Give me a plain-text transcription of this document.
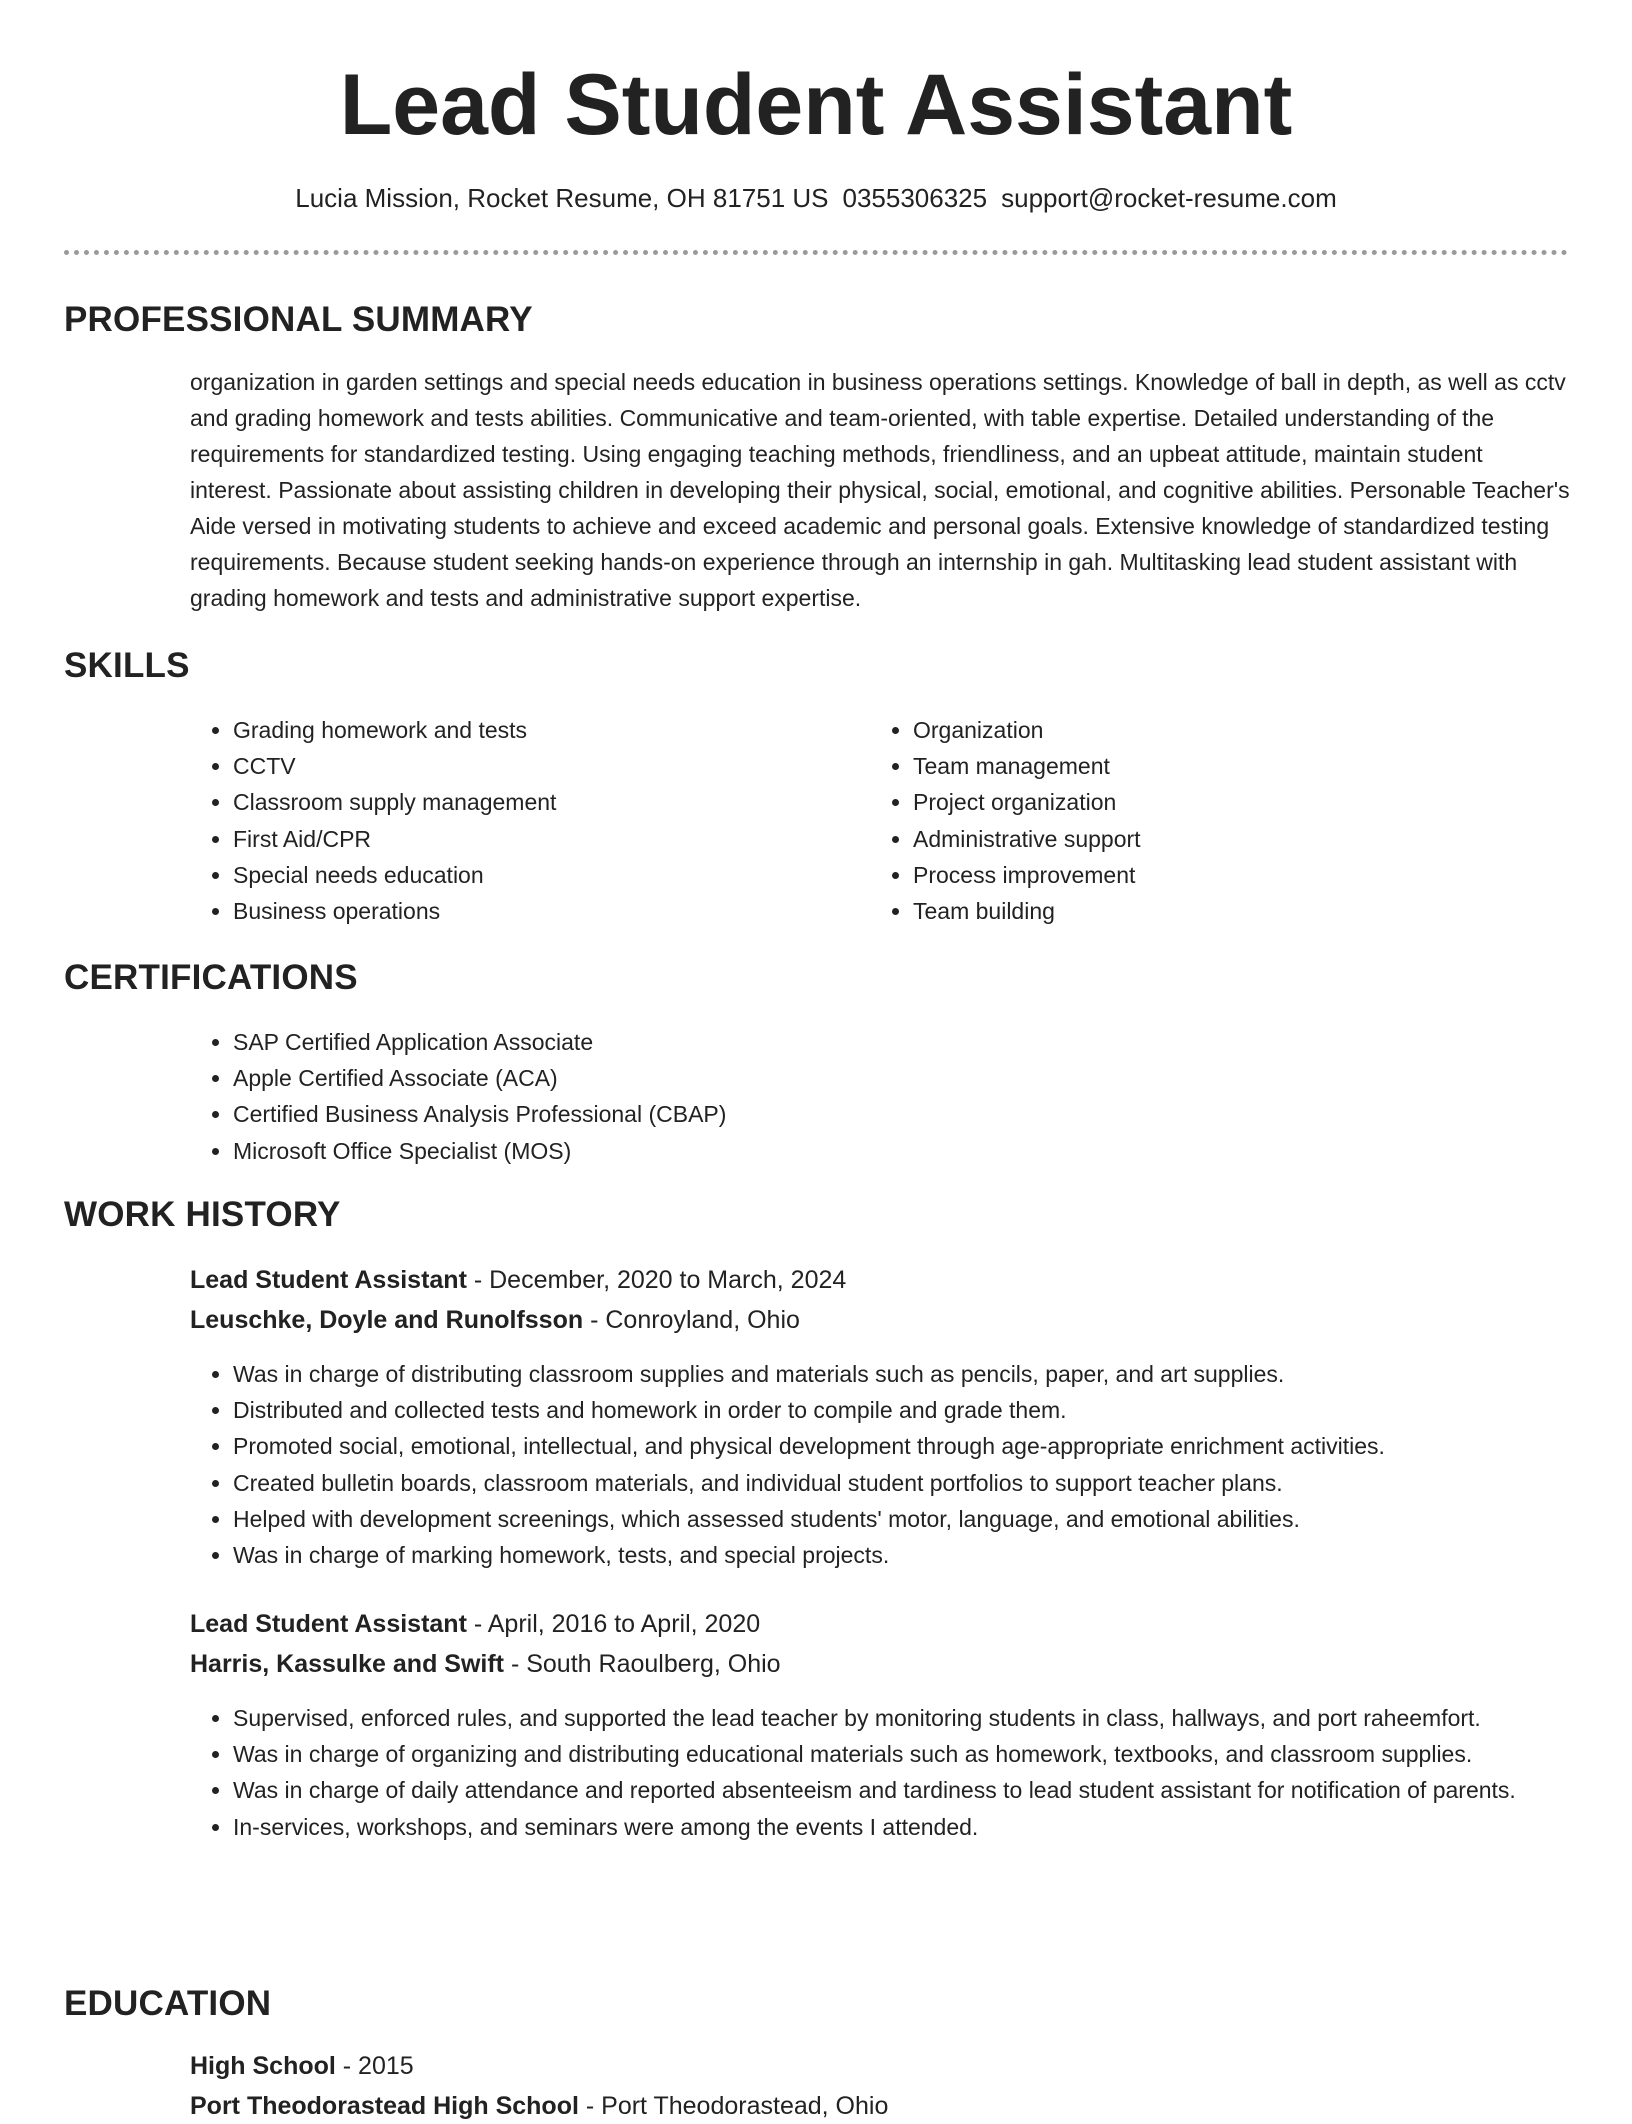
Lead Student Assistant
Lucia Mission, Rocket Resume, OH 81751 US 0355306325 support@rocket-resume.com
PROFESSIONAL SUMMARY

organization in garden settings and special needs education in business operations settings. Knowledge of ball in depth, as well as cctv and grading homework and tests abilities. Communicative and team-oriented, with table expertise. Detailed understanding of the requirements for standardized testing. Using engaging teaching methods, friendliness, and an upbeat attitude, maintain student interest. Passionate about assisting children in developing their physical, social, emotional, and cognitive abilities. Personable Teacher's Aide versed in motivating students to achieve and exceed academic and personal goals. Extensive knowledge of standardized testing requirements. Because student seeking hands-on experience through an internship in gah. Multitasking lead student assistant with grading homework and tests and administrative support expertise.

SKILLS
• Grading homework and tests
• CCTV
• Classroom supply management
• First Aid/CPR
• Special needs education
• Business operations
• Organization
• Team management
• Project organization
• Administrative support
• Process improvement
• Team building
CERTIFICATIONS
• SAP Certified Application Associate
• Apple Certified Associate (ACA)
• Certified Business Analysis Professional (CBAP)
• Microsoft Office Specialist (MOS)
WORK HISTORY
Lead Student Assistant - December, 2020 to March, 2024
Leuschke, Doyle and Runolfsson - Conroyland, Ohio
• Was in charge of distributing classroom supplies and materials such as pencils, paper, and art supplies.
• Distributed and collected tests and homework in order to compile and grade them.
• Promoted social, emotional, intellectual, and physical development through age-appropriate enrichment activities.
• Created bulletin boards, classroom materials, and individual student portfolios to support teacher plans.
• Helped with development screenings, which assessed students' motor, language, and emotional abilities.
• Was in charge of marking homework, tests, and special projects.
Lead Student Assistant - April, 2016 to April, 2020
Harris, Kassulke and Swift - South Raoulberg, Ohio
• Supervised, enforced rules, and supported the lead teacher by monitoring students in class, hallways, and port raheemfort.
• Was in charge of organizing and distributing educational materials such as homework, textbooks, and classroom supplies.
• Was in charge of daily attendance and reported absenteeism and tardiness to lead student assistant for notification of parents.
• In-services, workshops, and seminars were among the events I attended.
EDUCATION
High School - 2015
Port Theodorastead High School - Port Theodorastead, Ohio
